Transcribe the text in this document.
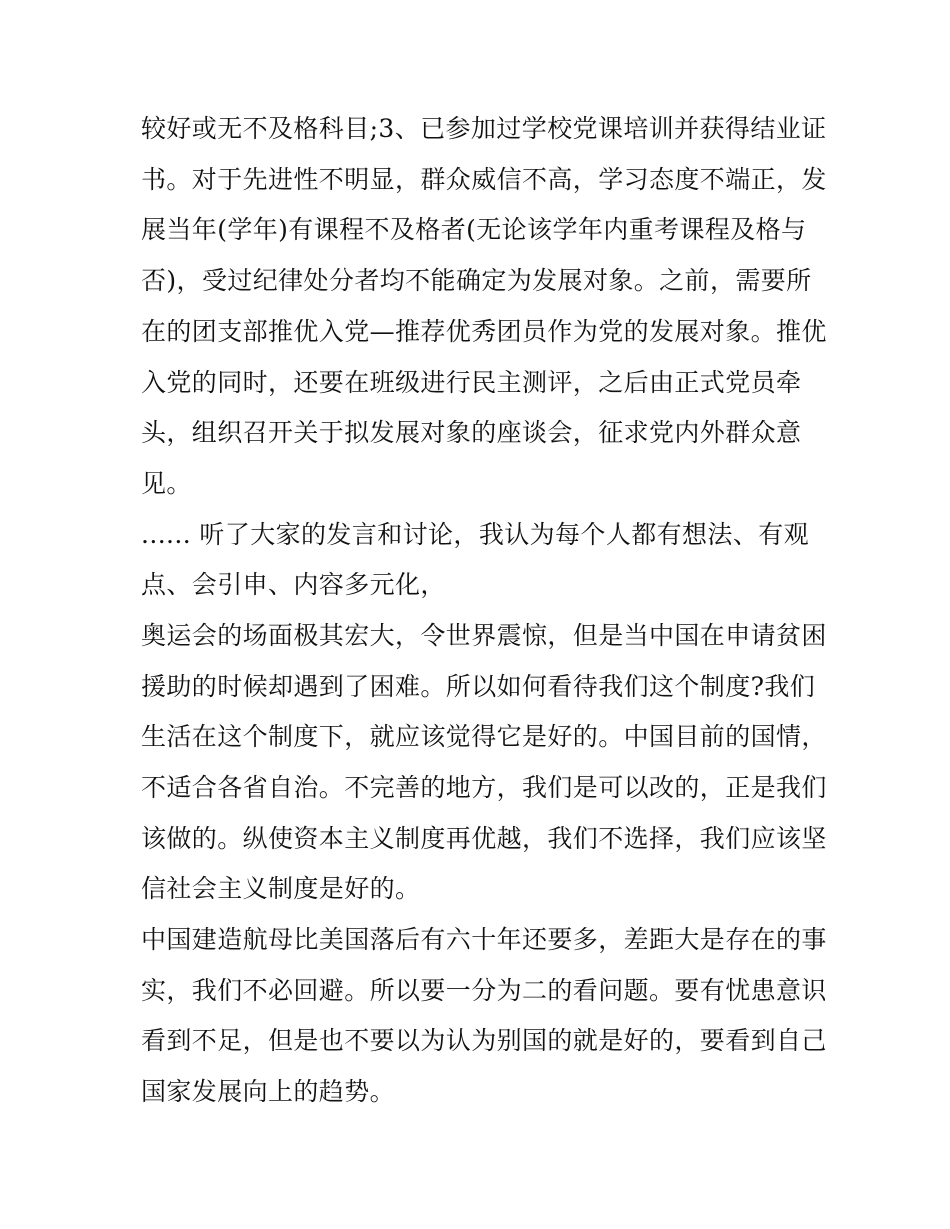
较好或无不及格科目;3、已参加过学校党课培训并获得结业证
书。对于先进性不明显，群众威信不高，学习态度不端正，发
展当年(学年)有课程不及格者(无论该学年内重考课程及格与
否)，受过纪律处分者均不能确定为发展对象。之前，需要所
在的团支部推优入党—推荐优秀团员作为党的发展对象。推优
入党的同时，还要在班级进行民主测评，之后由正式党员牵
头，组织召开关于拟发展对象的座谈会，征求党内外群众意
见。
...... 听了大家的发言和讨论，我认为每个人都有想法、有观
点、会引申、内容多元化，
奥运会的场面极其宏大，令世界震惊，但是当中国在申请贫困
援助的时候却遇到了困难。所以如何看待我们这个制度?我们
生活在这个制度下，就应该觉得它是好的。中国目前的国情，
不适合各省自治。不完善的地方，我们是可以改的，正是我们
该做的。纵使资本主义制度再优越，我们不选择，我们应该坚
信社会主义制度是好的。
中国建造航母比美国落后有六十年还要多，差距大是存在的事
实，我们不必回避。所以要一分为二的看问题。要有忧患意识
看到不足，但是也不要以为认为别国的就是好的，要看到自己
国家发展向上的趋势。
